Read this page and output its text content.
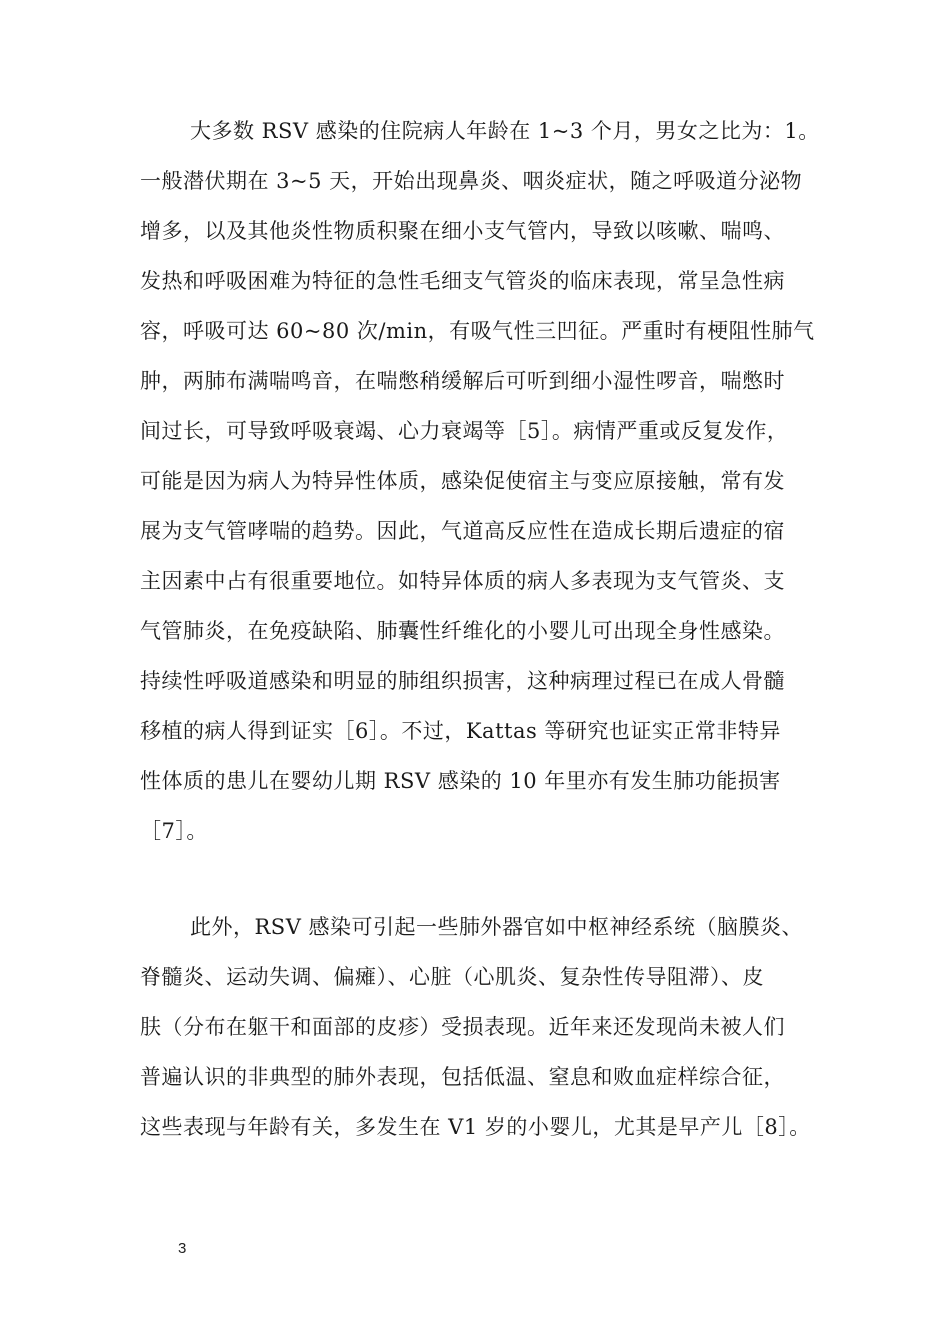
大多数 RSV 感染的住院病人年龄在 1~3 个月，男女之比为：1。
一般潜伏期在 3~5 天，开始出现鼻炎、咽炎症状，随之呼吸道分泌物
增多，以及其他炎性物质积聚在细小支气管内，导致以咳嗽、喘鸣、
发热和呼吸困难为特征的急性毛细支气管炎的临床表现，常呈急性病
容，呼吸可达 60~80 次/min，有吸气性三凹征。严重时有梗阻性肺气
肿，两肺布满喘鸣音，在喘憋稍缓解后可听到细小湿性啰音，喘憋时
间过长，可导致呼吸衰竭、心力衰竭等［5］。病情严重或反复发作，
可能是因为病人为特异性体质，感染促使宿主与变应原接触，常有发
展为支气管哮喘的趋势。因此，气道高反应性在造成长期后遗症的宿
主因素中占有很重要地位。如特异体质的病人多表现为支气管炎、支
气管肺炎，在免疫缺陷、肺囊性纤维化的小婴儿可出现全身性感染。
持续性呼吸道感染和明显的肺组织损害，这种病理过程已在成人骨髓
移植的病人得到证实［6］。不过，Kattas 等研究也证实正常非特异
性体质的患儿在婴幼儿期 RSV 感染的 10 年里亦有发生肺功能损害
［7］。
此外，RSV 感染可引起一些肺外器官如中枢神经系统（脑膜炎、
脊髓炎、运动失调、偏瘫）、心脏（心肌炎、复杂性传导阻滞）、皮
肤（分布在躯干和面部的皮疹）受损表现。近年来还发现尚未被人们
普遍认识的非典型的肺外表现，包括低温、窒息和败血症样综合征，
这些表现与年龄有关，多发生在 V1 岁的小婴儿，尤其是早产儿［8］。
3
